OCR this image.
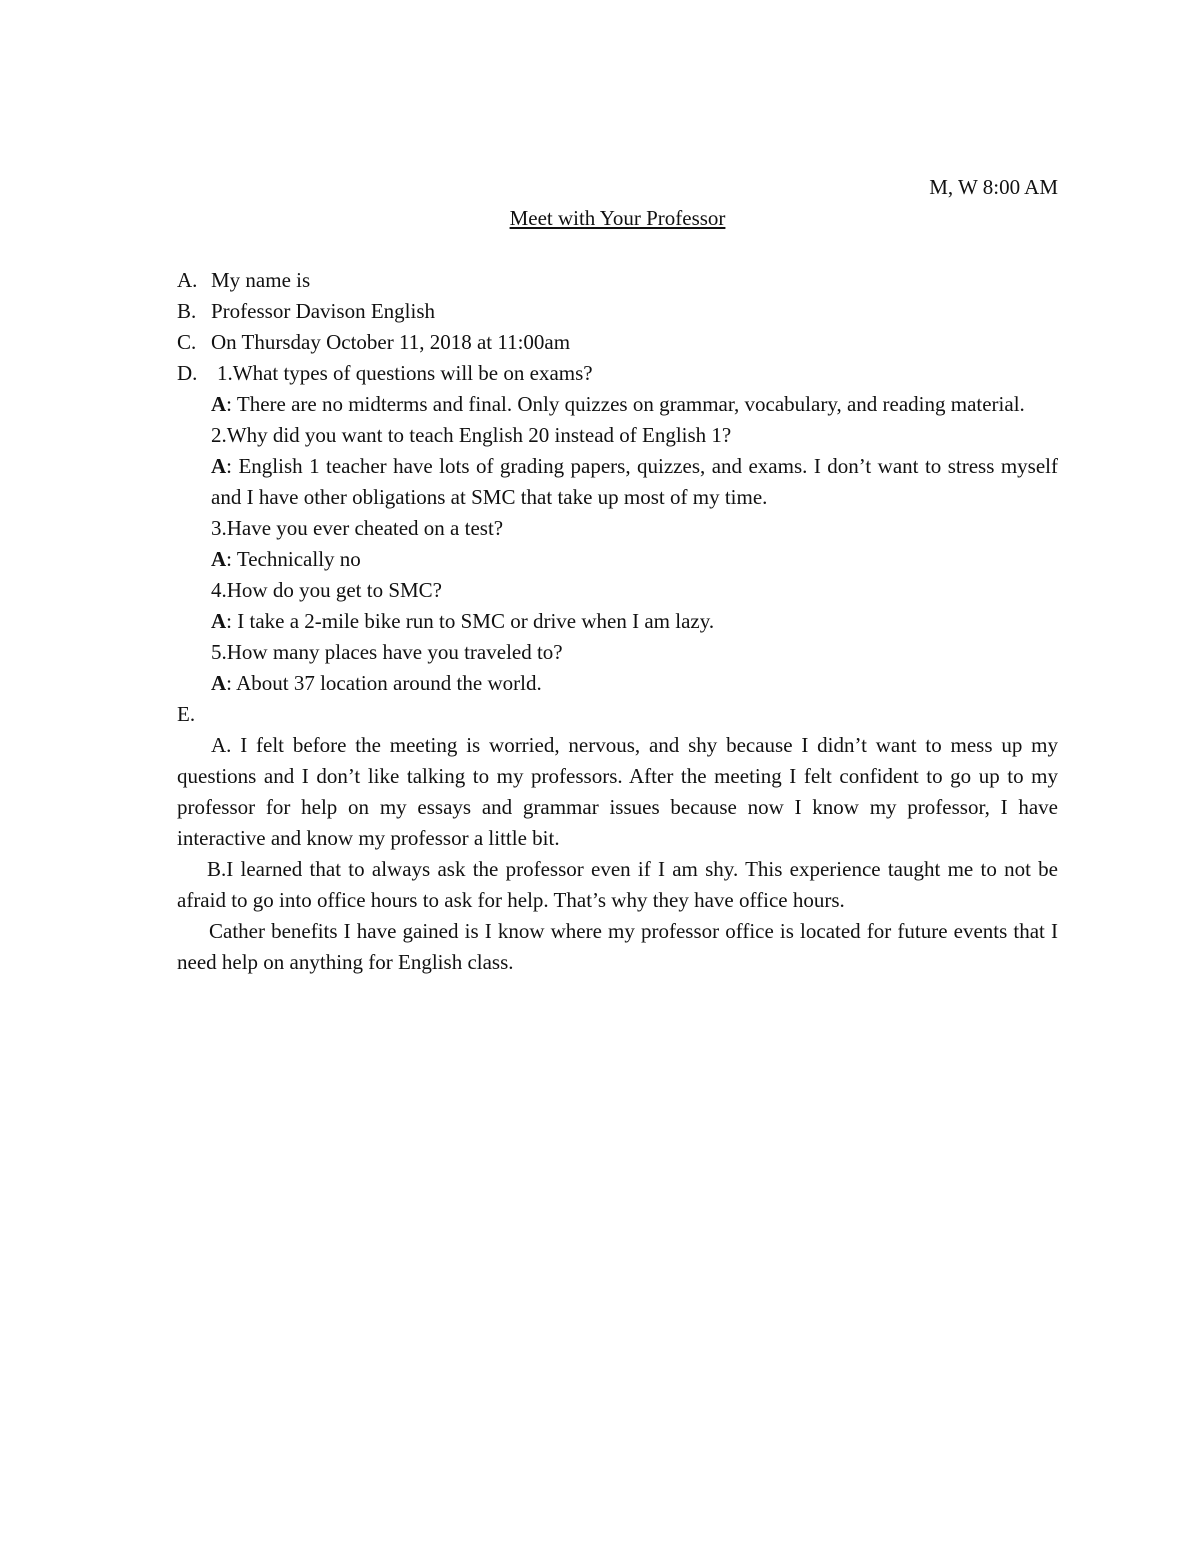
M, W 8:00 AM
Meet with Your Professor
A. My name is
B. Professor Davison English
C. On Thursday October 11, 2018 at 11:00am
D. 1.What types of questions will be on exams?
A: There are no midterms and final. Only quizzes on grammar, vocabulary, and reading material.
2.Why did you want to teach English 20 instead of English 1?
A: English 1 teacher have lots of grading papers, quizzes, and exams. I don’t want to stress myself and I have other obligations at SMC that take up most of my time.
3.Have you ever cheated on a test?
A: Technically no
4.How do you get to SMC?
A: I take a 2-mile bike run to SMC or drive when I am lazy.
5.How many places have you traveled to?
A: About 37 location around the world.
E.

A. I felt before the meeting is worried, nervous, and shy because I didn’t want to mess up my questions and I don’t like talking to my professors. After the meeting I felt confident to go up to my professor for help on my essays and grammar issues because now I know my professor, I have interactive and know my professor a little bit.

B.I learned that to always ask the professor even if I am shy. This experience taught me to not be afraid to go into office hours to ask for help. That’s why they have office hours.

Cather benefits I have gained is I know where my professor office is located for future events that I need help on anything for English class.
